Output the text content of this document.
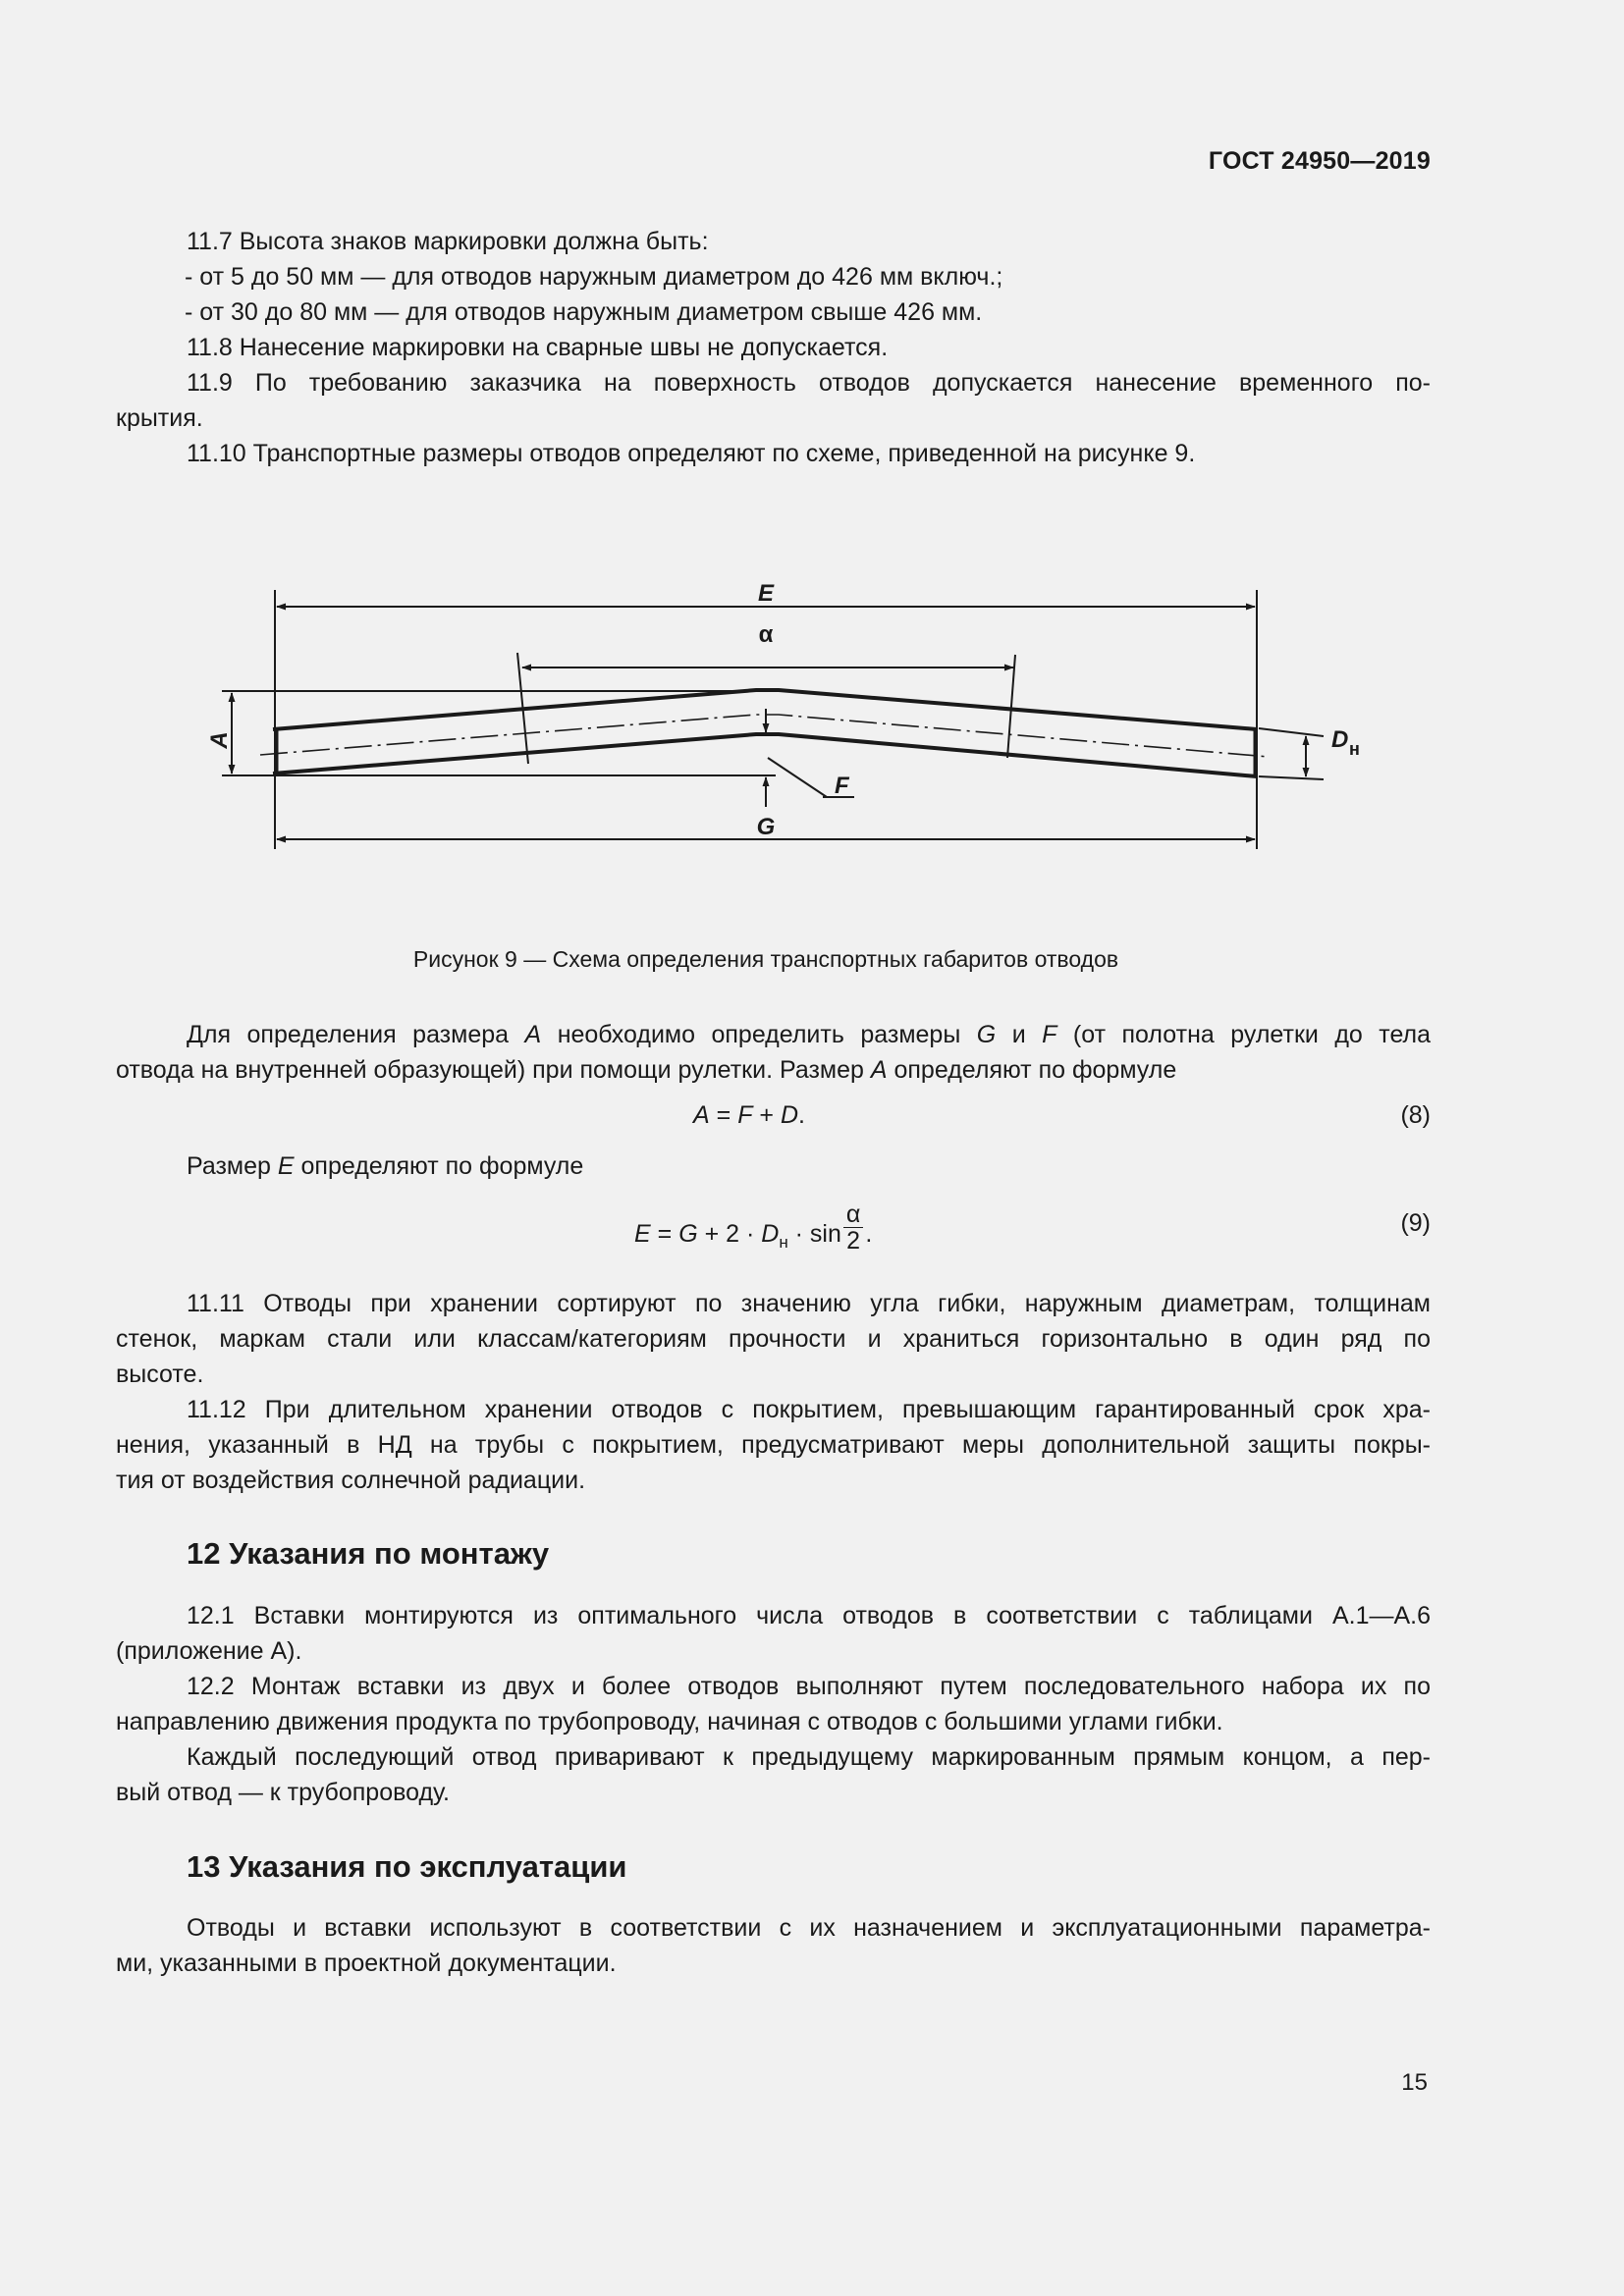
ГОСТ 24950—2019
11.7 Высота знаков маркировки должна быть:
- от 5 до 50 мм — для отводов наружным диаметром до 426 мм включ.;
- от 30 до 80 мм — для отводов наружным диаметром свыше 426 мм.
11.8 Нанесение маркировки на сварные швы не допускается.
11.9 По требованию заказчика на поверхность отводов допускается нанесение временного по-
крытия.
11.10 Транспортные размеры отводов определяют по схеме, приведенной на рисунке 9.
E
α
A	D н
F
G
Рисунок 9 — Схема определения транспортных габаритов отводов
Для определения размера A необходимо определить размеры G и F (от полотна рулетки до тела
отвода на внутренней образующей) при помощи рулетки. Размер A определяют по формуле
A = F + D.	(8)
Размер E определяют по формуле
$E = G + 2 \cdot D_н \cdot \sin \frac{\alpha}{2}$ .	(9)
11.11 Отводы при хранении сортируют по значению угла гибки, наружным диаметрам, толщинам
стенок, маркам стали или классам/категориям прочности и храниться горизонтально в один ряд по
высоте.
11.12 При длительном хранении отводов с покрытием, превышающим гарантированный срок хра-
нения, указанный в НД на трубы с покрытием, предусматривают меры дополнительной защиты покры-
тия от воздействия солнечной радиации.
12 Указания по монтажу
12.1 Вставки монтируются из оптимального числа отводов в соответствии с таблицами А.1—А.6
(приложение А).
12.2 Монтаж вставки из двух и более отводов выполняют путем последовательного набора их по
направлению движения продукта по трубопроводу, начиная с отводов с большими углами гибки.
Каждый последующий отвод приваривают к предыдущему маркированным прямым концом, а пер-
вый отвод — к трубопроводу.
13 Указания по эксплуатации
Отводы и вставки используют в соответствии с их назначением и эксплуатационными параметра-
ми, указанными в проектной документации.
15
